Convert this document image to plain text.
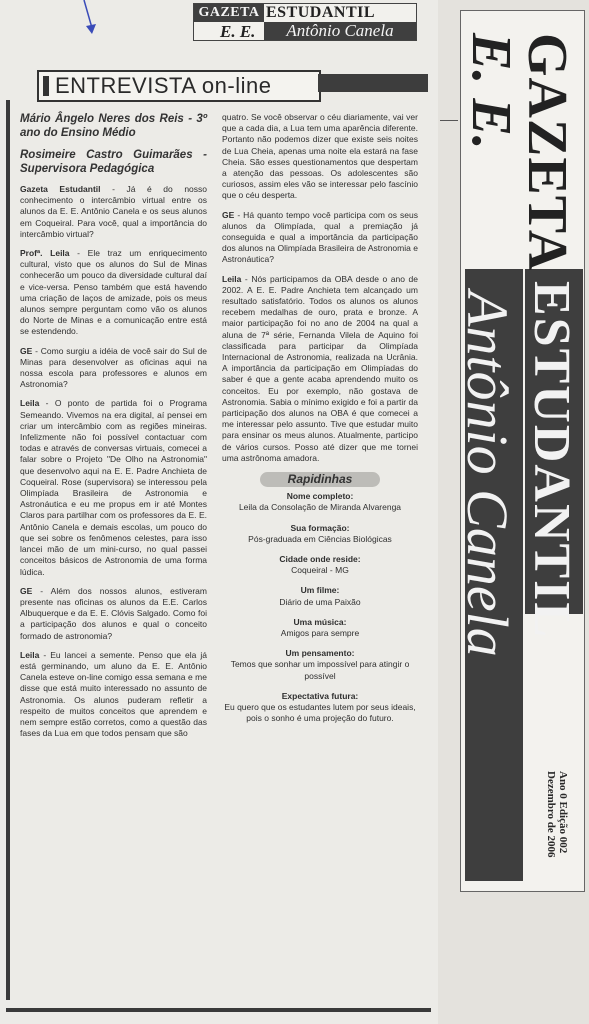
GAZETA ESTUDANTIL
E. E.	Antônio Canela
ENTREVISTA on-line

Mário Ângelo Neres dos Reis - 3º ano do Ensino Médio

Rosimeire Castro Guimarães - Supervisora Pedagógica

Gazeta Estudantil - Já é do nosso conhecimento o intercâmbio virtual entre os alunos da E. E. Antônio Canela e os seus alunos em Coqueiral. Para você, qual a importância do intercâmbio virtual?

Profª. Leila - Ele traz um enriquecimento cultural, visto que os alunos do Sul de Minas conhecerão um pouco da diversidade cultural daí e vice-versa. Penso também que está havendo uma criação de laços de amizade, pois os meus alunos sempre perguntam como vão os alunos do Norte de Minas e a comunicação entre está se estendendo.

GE - Como surgiu a idéia de você sair do Sul de Minas para desenvolver as oficinas aqui na nossa escola para professores e alunos em Astronomia?

Leila - O ponto de partida foi o Programa Semeando. Vivemos na era digital, aí pensei em criar um intercâmbio com as regiões mineiras. Infelizmente não foi possível contactuar com todas e através de conversas virtuais, comecei a falar sobre o Projeto "De Olho na Astronomia" que desenvolvo aqui na E. E. Padre Anchieta de Coqueiral. Rose (supervisora) se interessou pela Olimpíada Brasileira de Astronomia e Astronáutica e eu me propus em ir até Montes Claros para partilhar com os professores da E. E. Antônio Canela e demais escolas, um pouco do que sei sobre os fenômenos celestes, para isso lancei mão de um mini-curso, no qual passei conceitos básicos de Astronomia de uma forma lúdica.

GE - Além dos nossos alunos, estiveram presente nas oficinas os alunos da E.E. Carlos Albuquerque e da E. E. Clóvis Salgado. Como foi a participação dos alunos e qual o conceito formado de astronomia?

Leila - Eu lancei a semente. Penso que ela já está germinando, um aluno da E. E. Antônio Canela esteve on-line comigo essa semana e me disse que está muito interessado no assunto de Astronomia. Os alunos puderam refletir a respeito de muitos conceitos que aprendem e nem sempre estão corretos, como a questão das fases da Lua em que todos pensam que são

quatro. Se você observar o céu diariamente, vai ver que a cada dia, a Lua tem uma aparência diferente. Portanto não podemos dizer que existe seis noites de Lua Cheia, apenas uma noite ela estará na fase Cheia. São esses questionamentos que despertam a atenção das pessoas. Os adolescentes são curiosos, assim eles vão se interessar pelo fascínio que o céu desperta.

GE - Há quanto tempo você participa com os seus alunos da Olimpíada, qual a premiação já conseguida e qual a importância da participação dos alunos na Olimpíada Brasileira de Astronomia e Astronáutica?

Leila - Nós participamos da OBA desde o ano de 2002. A E. E. Padre Anchieta tem alcançado um resultado satisfatório. Todos os alunos os alunos recebem medalhas de ouro, prata e bronze. A maior participação foi no ano de 2004 na qual a aluna de 7ª série, Fernanda Vilela de Aquino foi classificada para participar da Olimpíada Internacional de Astronomia, realizada na Ucrânia. A importância da participação em Olimpíadas do saber é que a gente acaba aprendendo muito os conceitos. Eu por exemplo, não gostava de Astronomia. Sabia o mínimo exigido e foi a partir da participação dos alunos na OBA é que comecei a me interessar pelo assunto. Tive que estudar muito para ensinar os meus alunos. Atualmente, participo de vários cursos. Posso até dizer que me tornei uma astrônoma amadora.

Rapidinhas
Nome completo:
Leila da Consolação de Miranda Alvarenga
Sua formação:
Pós-graduada em Ciências Biológicas
Cidade onde reside:
Coqueiral - MG
Um filme:
Diário de uma Paixão
Uma música:
Amigos para sempre
Um pensamento:
Temos que sonhar um impossível para atingir o possível
Expectativa futura:
Eu quero que os estudantes lutem por seus ideais, pois o sonho é uma projeção do futuro.
GAZETA
E. E.
ESTUDANTIL
Antônio Canela
Ano 0 Edição 002
Dezembro de 2006
